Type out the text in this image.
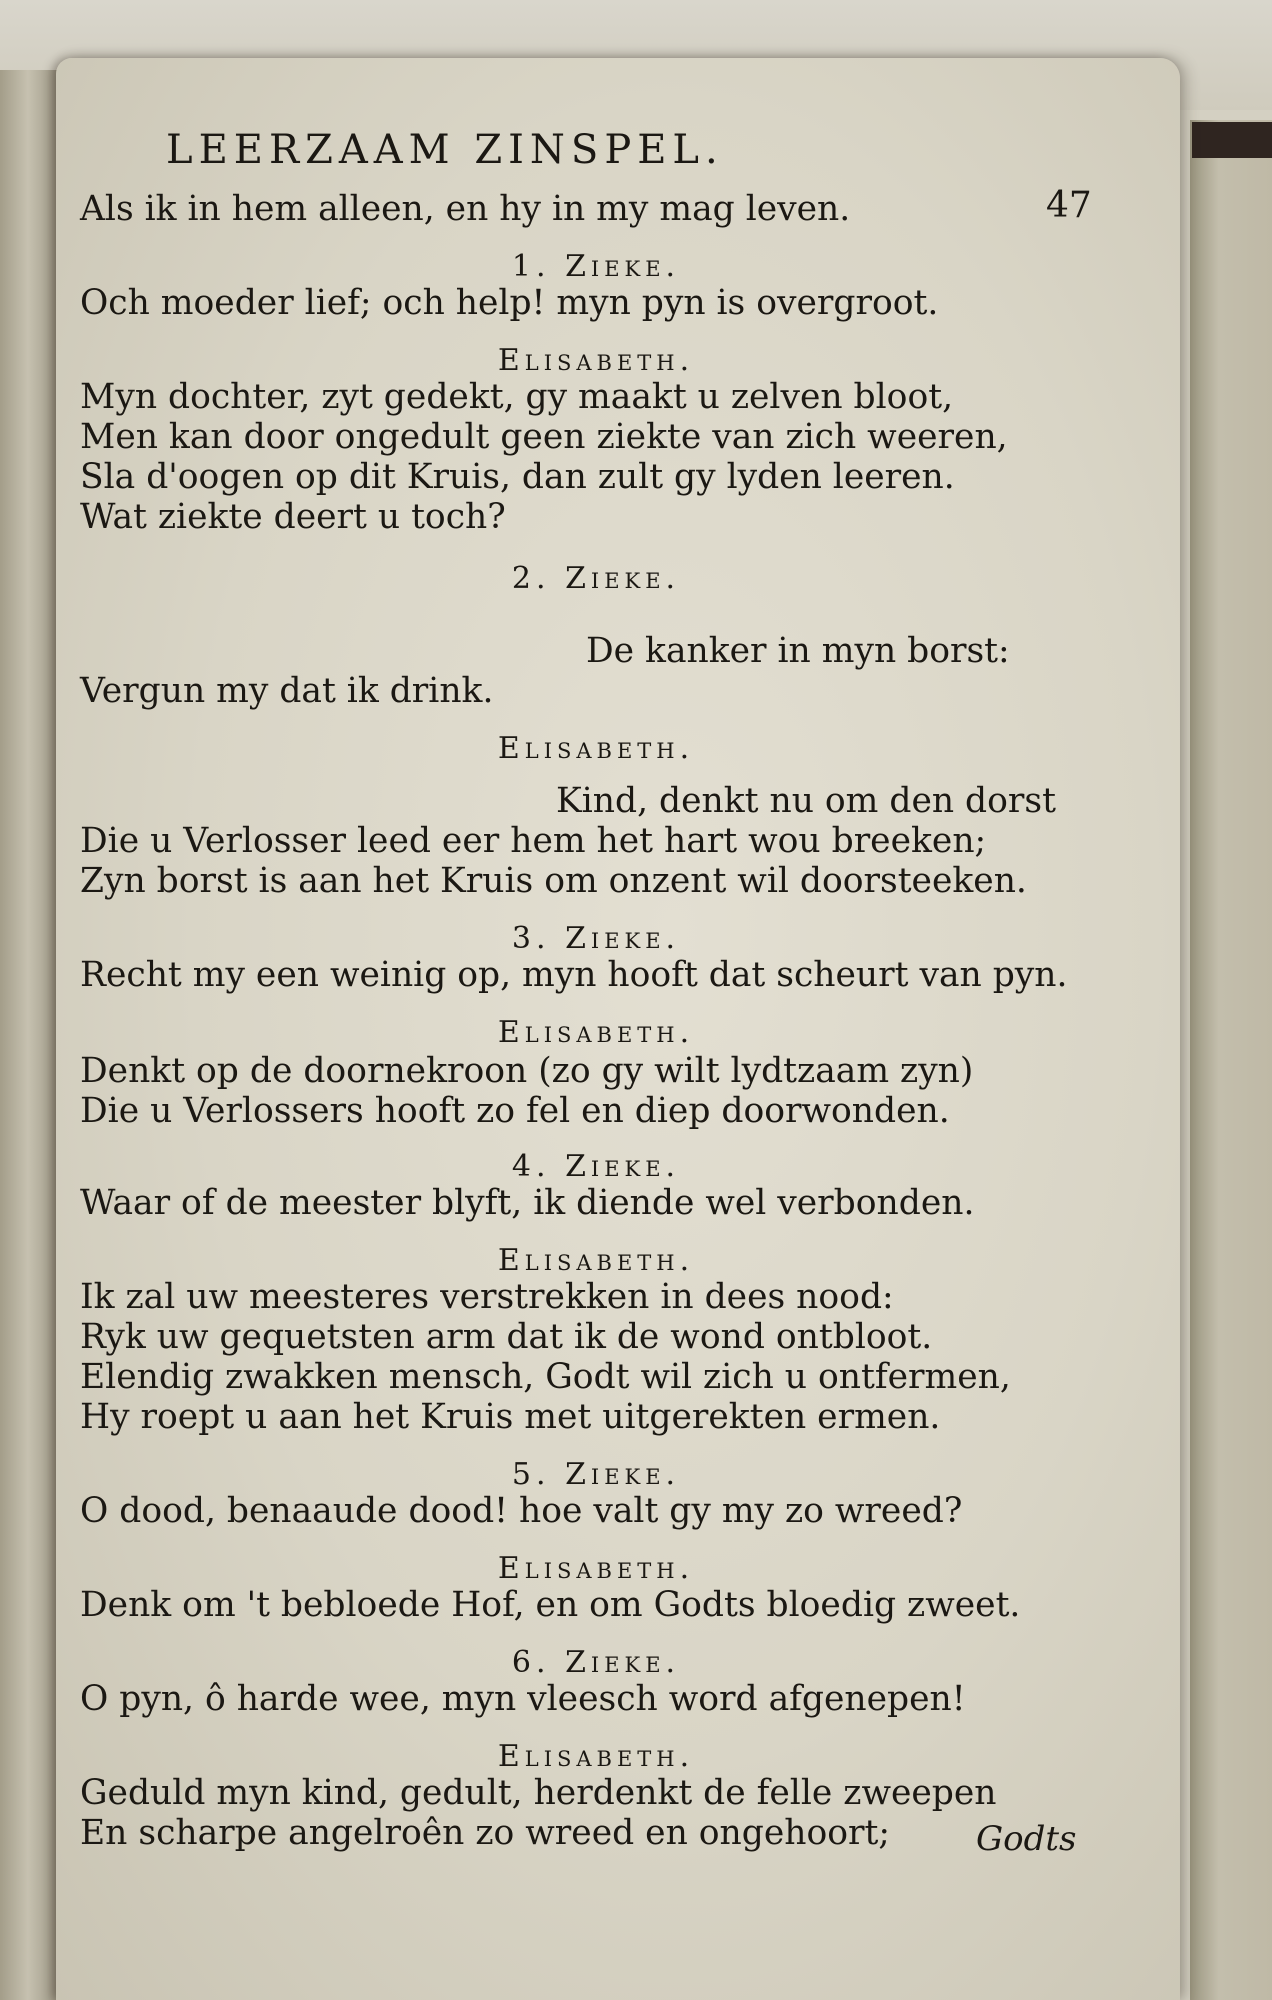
LEERZAAM ZINSPEL.
47
Als ik in hem alleen, en hy in my mag leven.
1. Zieke.
Och moeder lief; och help! myn pyn is overgroot.
Elisabeth.
Myn dochter, zyt gedekt, gy maakt u zelven bloot,
Men kan door ongedult geen ziekte van zich weeren,
Sla d'oogen op dit Kruis, dan zult gy lyden leeren.
Wat ziekte deert u toch?
2. Zieke.
De kanker in myn borst:
Vergun my dat ik drink.
Elisabeth.
Kind, denkt nu om den dorst
Die u Verlosser leed eer hem het hart wou breeken;
Zyn borst is aan het Kruis om onzent wil doorsteeken.
3. Zieke.
Recht my een weinig op, myn hooft dat scheurt van pyn.
Elisabeth.
Denkt op de doornekroon (zo gy wilt lydtzaam zyn)
Die u Verlossers hooft zo fel en diep doorwonden.
4. Zieke.
Waar of de meester blyft, ik diende wel verbonden.
Elisabeth.
Ik zal uw meesteres verstrekken in dees nood:
Ryk uw gequetsten arm dat ik de wond ontbloot.
Elendig zwakken mensch, Godt wil zich u ontfermen,
Hy roept u aan het Kruis met uitgerekten ermen.
5. Zieke.
O dood, benaaude dood! hoe valt gy my zo wreed?
Elisabeth.
Denk om 't bebloede Hof, en om Godts bloedig zweet.
6. Zieke.
O pyn, ô harde wee, myn vleesch word afgenepen!
Elisabeth.
Geduld myn kind, gedult, herdenkt de felle zweepen
En scharpe angelroên zo wreed en ongehoort;	Godts
